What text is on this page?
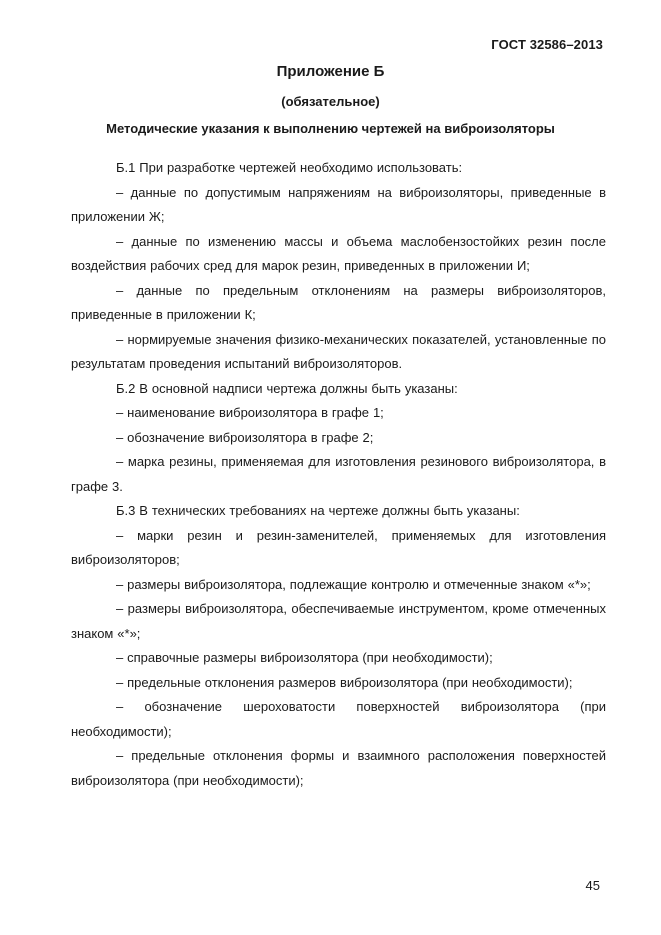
ГОСТ 32586–2013
Приложение Б
(обязательное)
Методические указания к выполнению чертежей на виброизоляторы

Б.1 При разработке чертежей необходимо использовать:

– данные по допустимым напряжениям на виброизоляторы, приведенные в приложении Ж;

– данные по изменению массы и объема маслобензостойких резин после воздействия рабочих сред для марок резин, приведенных в приложении И;

– данные по предельным отклонениям на размеры виброизоляторов, приведенные в приложении К;

– нормируемые значения физико-механических показателей, установленные по результатам проведения испытаний виброизоляторов.

Б.2 В основной надписи чертежа должны быть указаны:

– наименование виброизолятора в графе 1;

– обозначение виброизолятора в графе 2;

– марка резины, применяемая для изготовления резинового виброизолятора, в графе 3.

Б.3 В технических требованиях на чертеже должны быть указаны:

– марки резин и резин-заменителей, применяемых для изготовления виброизоляторов;

– размеры виброизолятора, подлежащие контролю и отмеченные знаком «*»;

– размеры виброизолятора, обеспечиваемые инструментом, кроме отмеченных знаком «*»;

– справочные размеры виброизолятора (при необходимости);

– предельные отклонения размеров виброизолятора (при необходимости);

– обозначение шероховатости поверхностей виброизолятора (при необходимости);

– предельные отклонения формы и взаимного расположения поверхностей виброизолятора (при необходимости);

45
